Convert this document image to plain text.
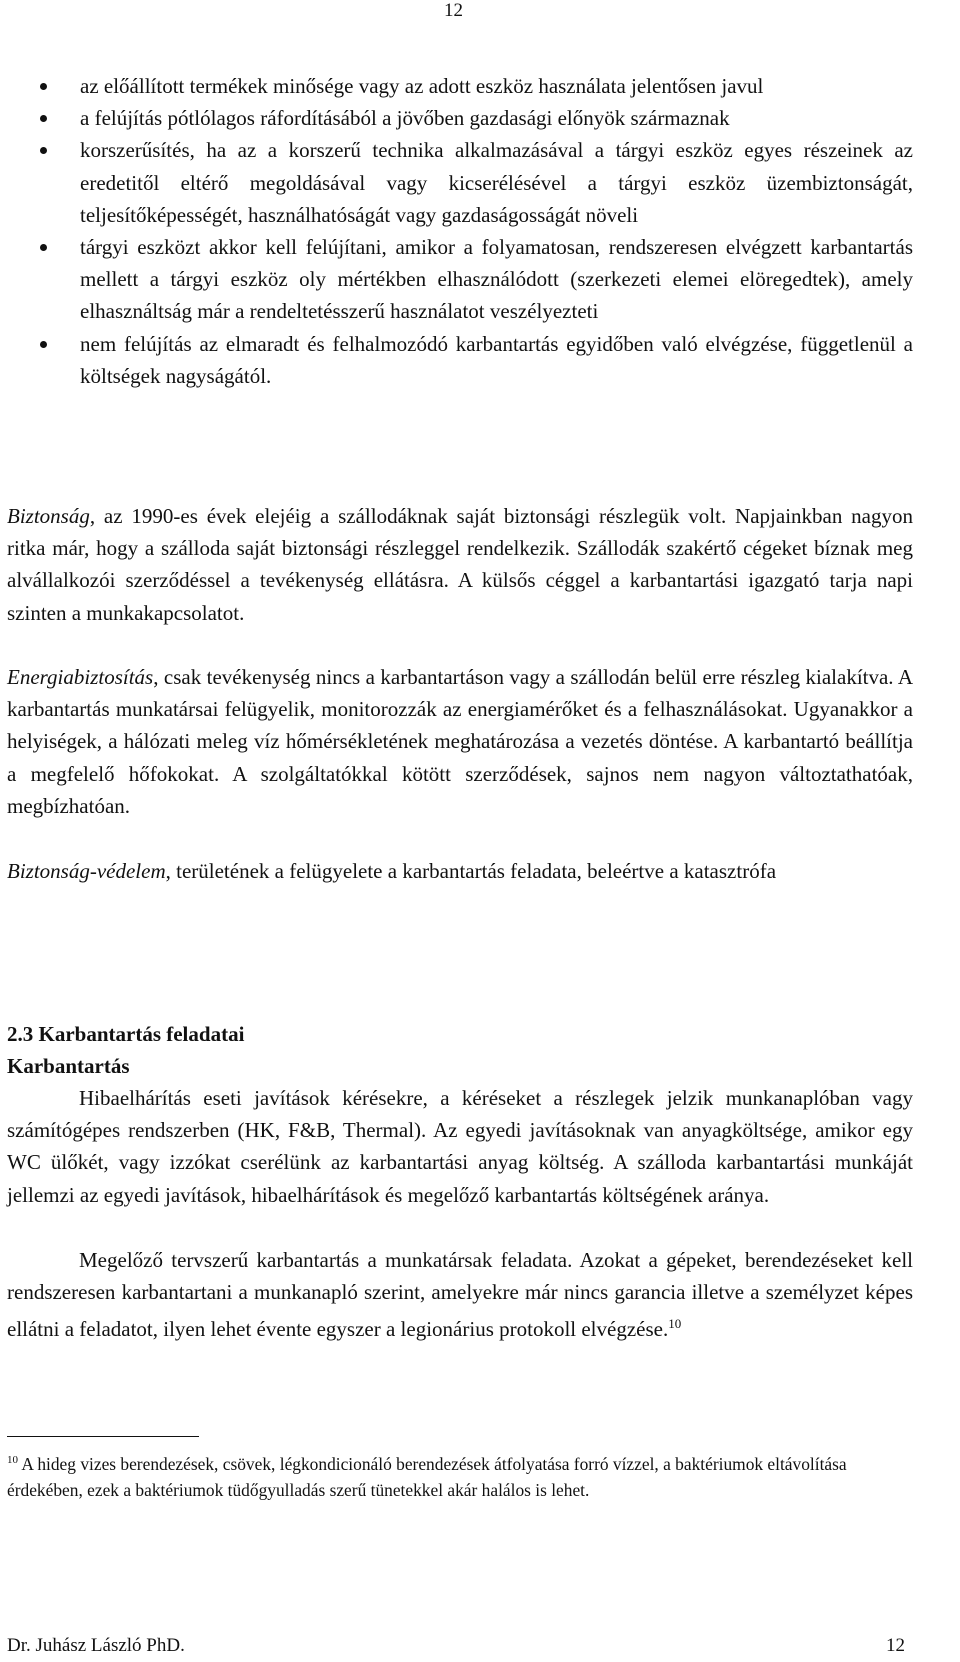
12
az előállított termékek minősége vagy az adott eszköz használata jelentősen javul
a felújítás pótlólagos ráfordításából a jövőben gazdasági előnyök származnak
korszerűsítés, ha az a korszerű technika alkalmazásával a tárgyi eszköz egyes részeinek az eredetitől eltérő megoldásával vagy kicserélésével a tárgyi eszköz üzembiztonságát, teljesítőképességét, használhatóságát vagy gazdaságosságát növeli
tárgyi eszközt akkor kell felújítani, amikor a folyamatosan, rendszeresen elvégzett karbantartás mellett a tárgyi eszköz oly mértékben elhasználódott (szerkezeti elemei elöregedtek), amely elhasználtság már a rendeltetésszerű használatot veszélyezteti
nem felújítás az elmaradt és felhalmozódó karbantartás egyidőben való elvégzése, függetlenül a költségek nagyságától.

Biztonság, az 1990-es évek elejéig a szállodáknak saját biztonsági részlegük volt. Napjainkban nagyon ritka már, hogy a szálloda saját biztonsági részleggel rendelkezik. Szállodák szakértő cégeket bíznak meg alvállalkozói szerződéssel a tevékenység ellátásra. A külsős céggel a karbantartási igazgató tarja napi szinten a munkakapcsolatot.

Energiabiztosítás, csak tevékenység nincs a karbantartáson vagy a szállodán belül erre részleg kialakítva. A karbantartás munkatársai felügyelik, monitorozzák az energiamérőket és a felhasználásokat. Ugyanakkor a helyiségek, a hálózati meleg víz hőmérsékletének meghatározása a vezetés döntése. A karbantartó beállítja a megfelelő hőfokokat. A szolgáltatókkal kötött szerződések, sajnos nem nagyon változtathatóak, megbízhatóan.

Biztonság-védelem, területének a felügyelete a karbantartás feladata, beleértve a katasztrófa

2.3 Karbantartás feladatai
Karbantartás

Hibaelhárítás eseti javítások kérésekre, a kéréseket a részlegek jelzik munkanaplóban vagy számítógépes rendszerben (HK, F&B, Thermal). Az egyedi javításoknak van anyagköltsége, amikor egy WC ülőkét, vagy izzókat cserélünk az karbantartási anyag költség. A szálloda karbantartási munkáját jellemzi az egyedi javítások, hibaelhárítások és megelőző karbantartás költségének aránya.

Megelőző tervszerű karbantartás a munkatársak feladata. Azokat a gépeket, berendezéseket kell rendszeresen karbantartani a munkanapló szerint, amelyekre már nincs garancia illetve a személyzet képes ellátni a feladatot, ilyen lehet évente egyszer a legionárius protokoll elvégzése.$^{10}$

$^{10}$ A hideg vizes berendezések, csövek, légkondicionáló berendezések átfolyatása forró vízzel, a baktériumok eltávolítása érdekében, ezek a baktériumok tüdőgyulladás szerű tünetekkel akár halálos is lehet.

Dr. Juhász László PhD.	12
